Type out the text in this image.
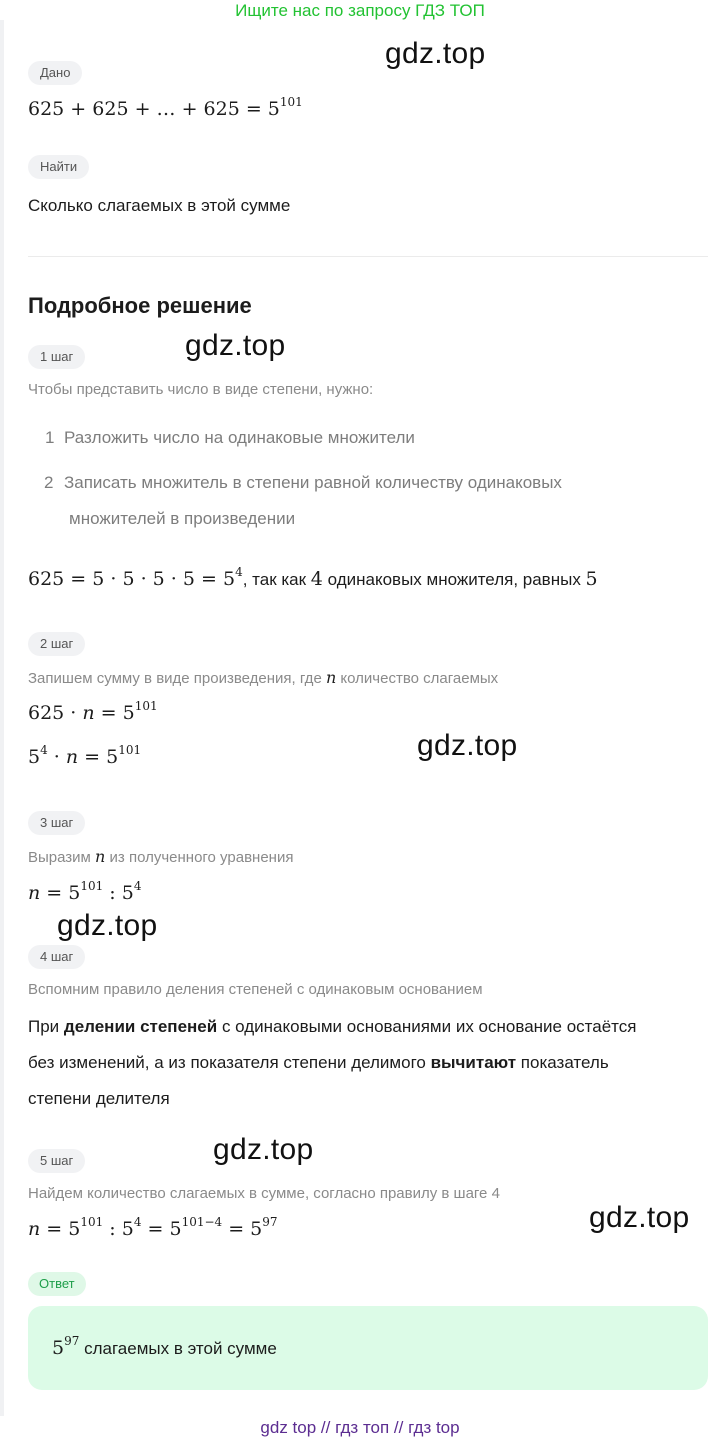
Ищите нас по запросу ГДЗ ТОП
gdz.top
gdz.top
gdz.top
gdz.top
gdz.top
gdz.top
Дано
625 + 625 + … + $625 = 5^{101}$
Найти
Сколько слагаемых в этой сумме
Подробное решение
1 шаг
Чтобы представить число в виде степени, нужно:
1 Разложить число на одинаковые множители
2 Записать множитель в степени равной количеству одинаковых
множителей в произведении
$625 = 5 \cdot 5 \cdot 5 \cdot 5 = 5^4$, так как 4 одинаковых множителя, равных 5
2 шаг
Запишем сумму в виде произведения, где n количество слагаемых
$625 \cdot n = 5^{101}$
$5^4 \cdot n = 5^{101}$
3 шаг
Выразим n из полученного уравнения
$n = 5^{101}$ : $5^4$
4 шаг
Вспомним правило деления степеней с одинаковым основанием
При делении степеней с одинаковыми основаниями их основание остаётся
без изменений, а из показателя степени делимого вычитают показатель
степени делителя
5 шаг
Найдем количество слагаемых в сумме, согласно правилу в шаге 4
$n = 5^{101}$ : $5^4 = 5^{101-4} = 5^{97}$
Ответ
$5^{97}$ слагаемых в этой сумме
gdz top // гдз топ // гдз top
